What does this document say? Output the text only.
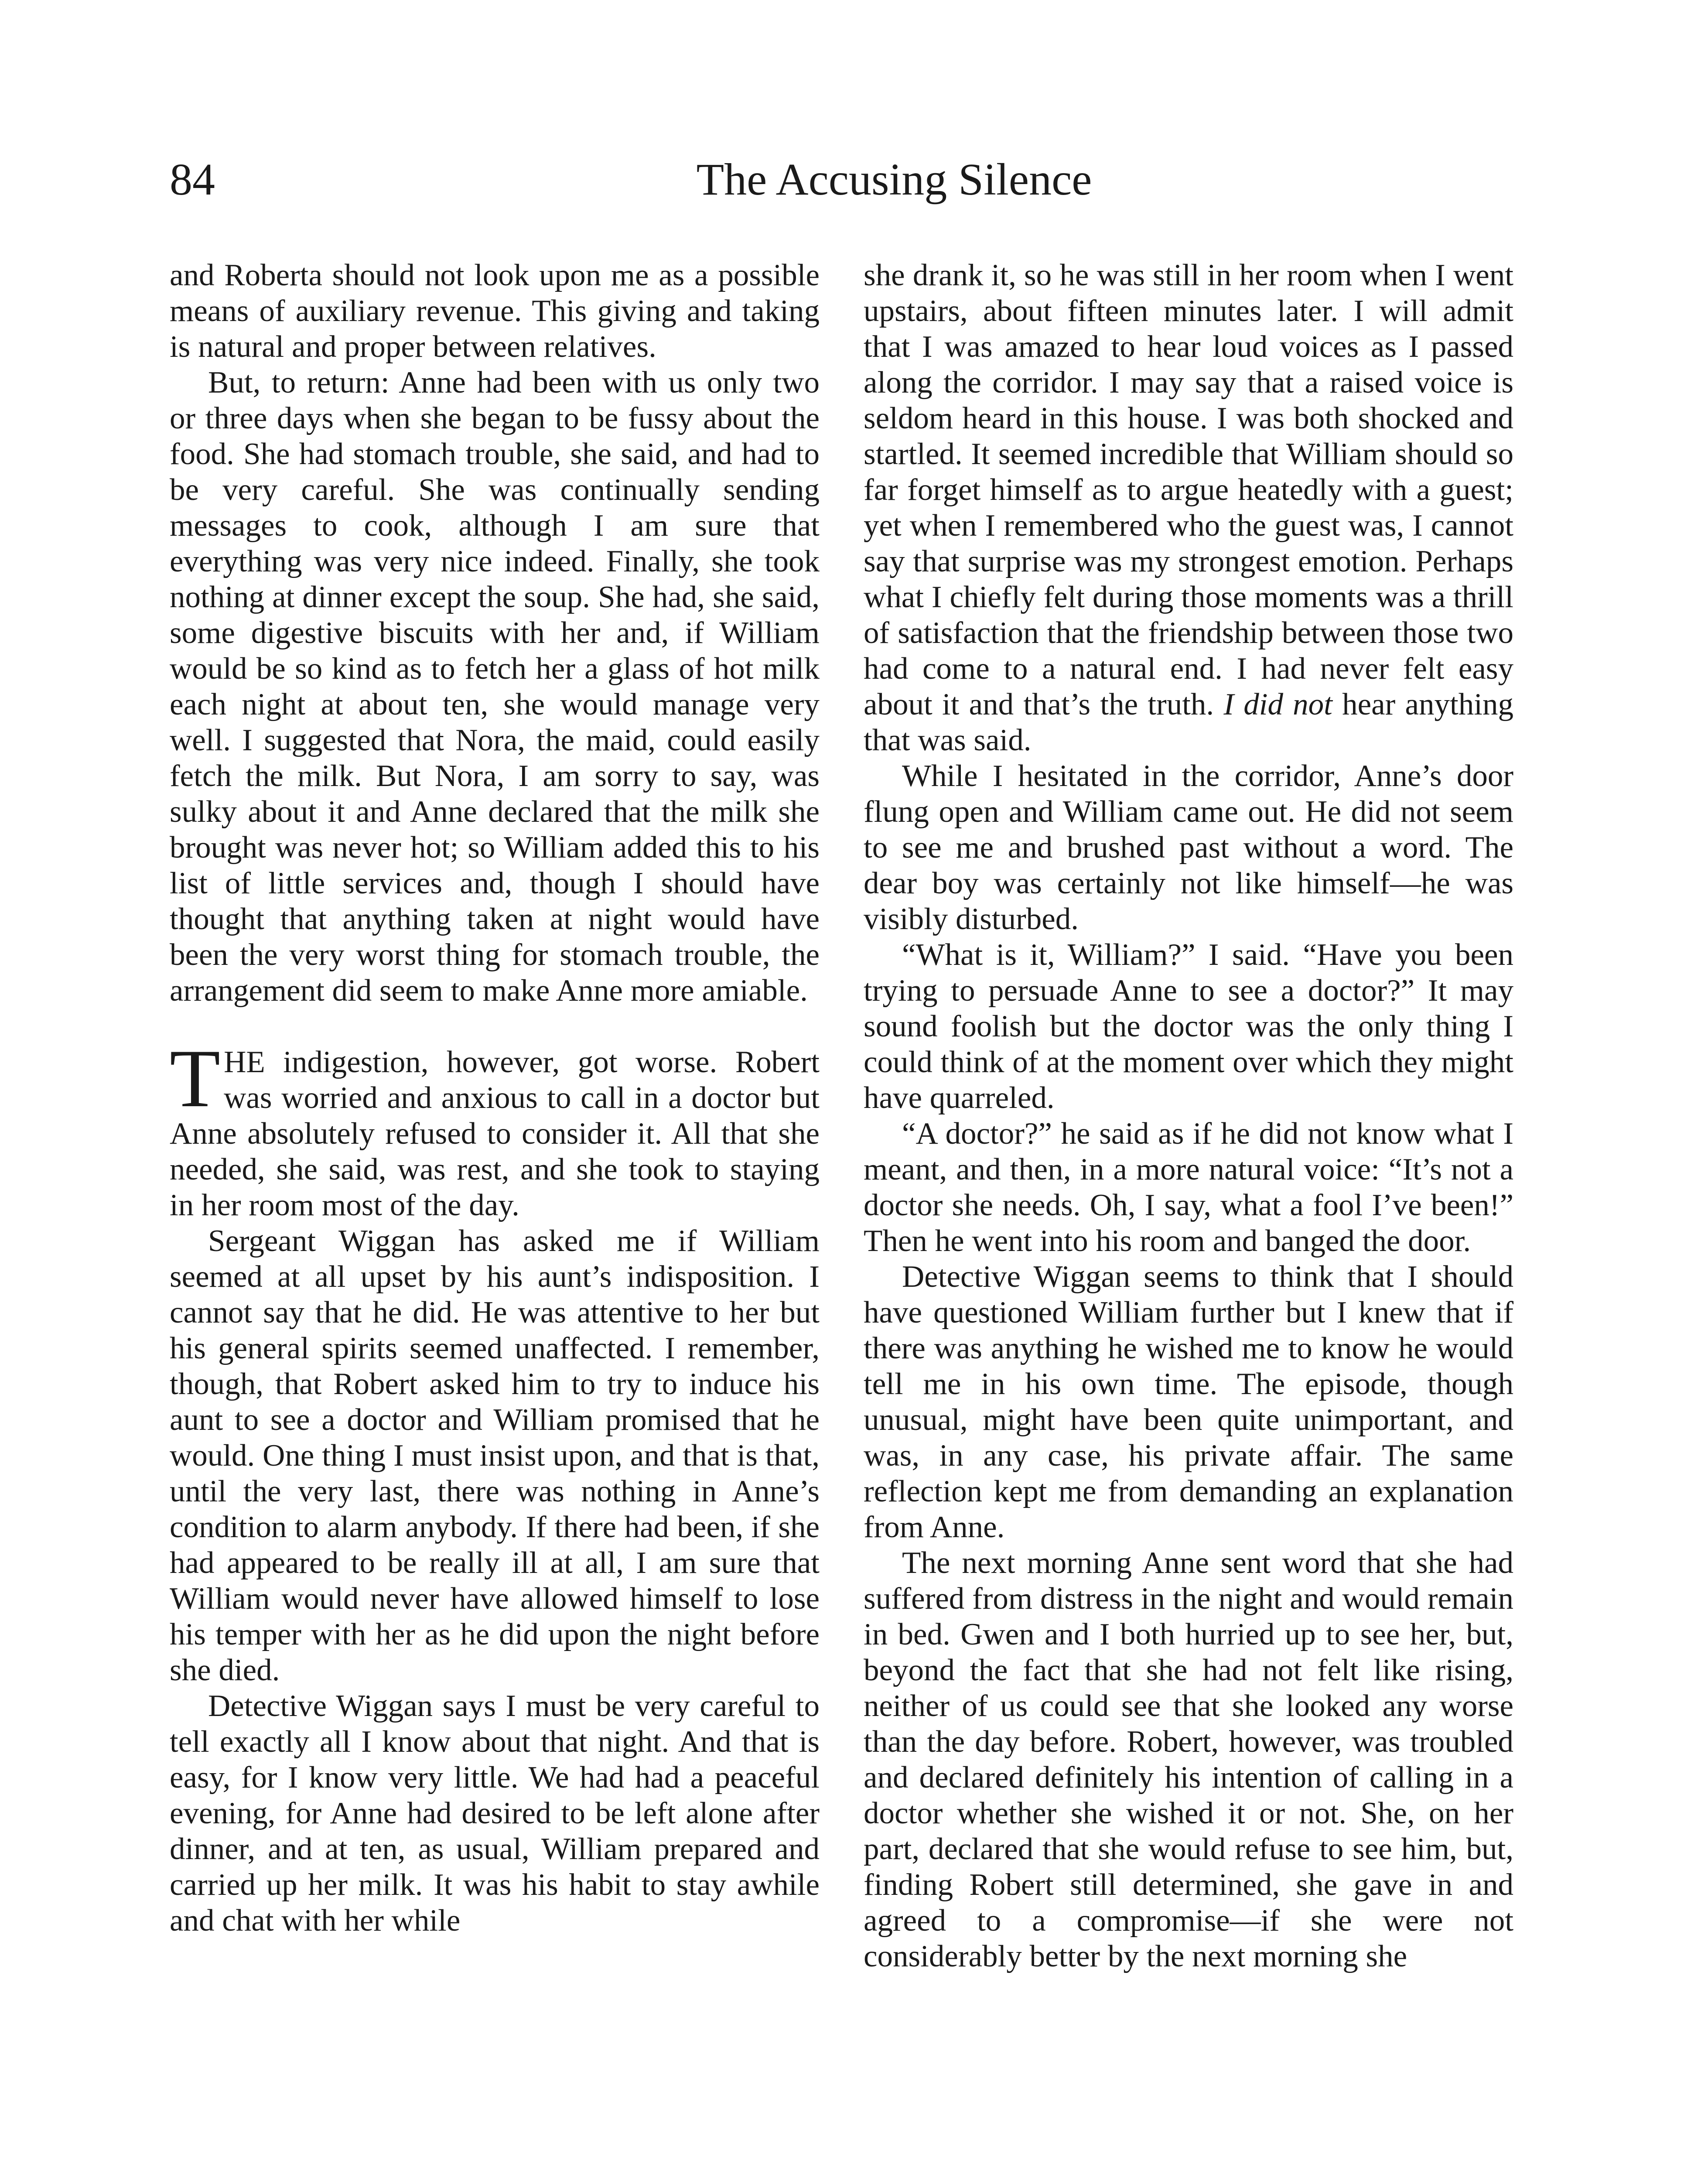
84	The Accusing Silence

and Roberta should not look upon me as a possible means of auxiliary revenue. This giving and taking is natural and proper between relatives.

But, to return: Anne had been with us only two or three days when she began to be fussy about the food. She had stomach trouble, she said, and had to be very careful. She was continually sending messages to cook, although I am sure that everything was very nice indeed. Finally, she took nothing at dinner except the soup. She had, she said, some digestive biscuits with her and, if William would be so kind as to fetch her a glass of hot milk each night at about ten, she would manage very well. I suggested that Nora, the maid, could easily fetch the milk. But Nora, I am sorry to say, was sulky about it and Anne declared that the milk she brought was never hot; so William added this to his list of little services and, though I should have thought that anything taken at night would have been the very worst thing for stomach trouble, the arrangement did seem to make Anne more amiable.

THE indigestion, however, got worse. Robert was worried and anxious to call in a doctor but Anne absolutely refused to consider it. All that she needed, she said, was rest, and she took to staying in her room most of the day.

Sergeant Wiggan has asked me if William seemed at all upset by his aunt’s indisposition. I cannot say that he did. He was attentive to her but his general spirits seemed unaffected. I remember, though, that Robert asked him to try to induce his aunt to see a doctor and William promised that he would. One thing I must insist upon, and that is that, until the very last, there was nothing in Anne’s condition to alarm anybody. If there had been, if she had appeared to be really ill at all, I am sure that William would never have allowed himself to lose his temper with her as he did upon the night before she died.

Detective Wiggan says I must be very careful to tell exactly all I know about that night. And that is easy, for I know very little. We had had a peaceful evening, for Anne had desired to be left alone after dinner, and at ten, as usual, William prepared and carried up her milk. It was his habit to stay awhile and chat with her while

she drank it, so he was still in her room when I went upstairs, about fifteen minutes later. I will admit that I was amazed to hear loud voices as I passed along the corridor. I may say that a raised voice is seldom heard in this house. I was both shocked and startled. It seemed incredible that William should so far forget himself as to argue heatedly with a guest; yet when I remembered who the guest was, I cannot say that surprise was my strongest emotion. Perhaps what I chiefly felt during those moments was a thrill of satisfaction that the friendship between those two had come to a natural end. I had never felt easy about it and that’s the truth. I did not hear anything that was said.

While I hesitated in the corridor, Anne’s door flung open and William came out. He did not seem to see me and brushed past without a word. The dear boy was certainly not like himself—he was visibly disturbed.

“What is it, William?” I said. “Have you been trying to persuade Anne to see a doctor?” It may sound foolish but the doctor was the only thing I could think of at the moment over which they might have quarreled.

“A doctor?” he said as if he did not know what I meant, and then, in a more natural voice: “It’s not a doctor she needs. Oh, I say, what a fool I’ve been!” Then he went into his room and banged the door.

Detective Wiggan seems to think that I should have questioned William further but I knew that if there was anything he wished me to know he would tell me in his own time. The episode, though unusual, might have been quite unimportant, and was, in any case, his private affair. The same reflection kept me from demanding an explanation from Anne.

The next morning Anne sent word that she had suffered from distress in the night and would remain in bed. Gwen and I both hurried up to see her, but, beyond the fact that she had not felt like rising, neither of us could see that she looked any worse than the day before. Robert, however, was troubled and declared definitely his intention of calling in a doctor whether she wished it or not. She, on her part, declared that she would refuse to see him, but, finding Robert still determined, she gave in and agreed to a compromise—if she were not considerably better by the next morning she
